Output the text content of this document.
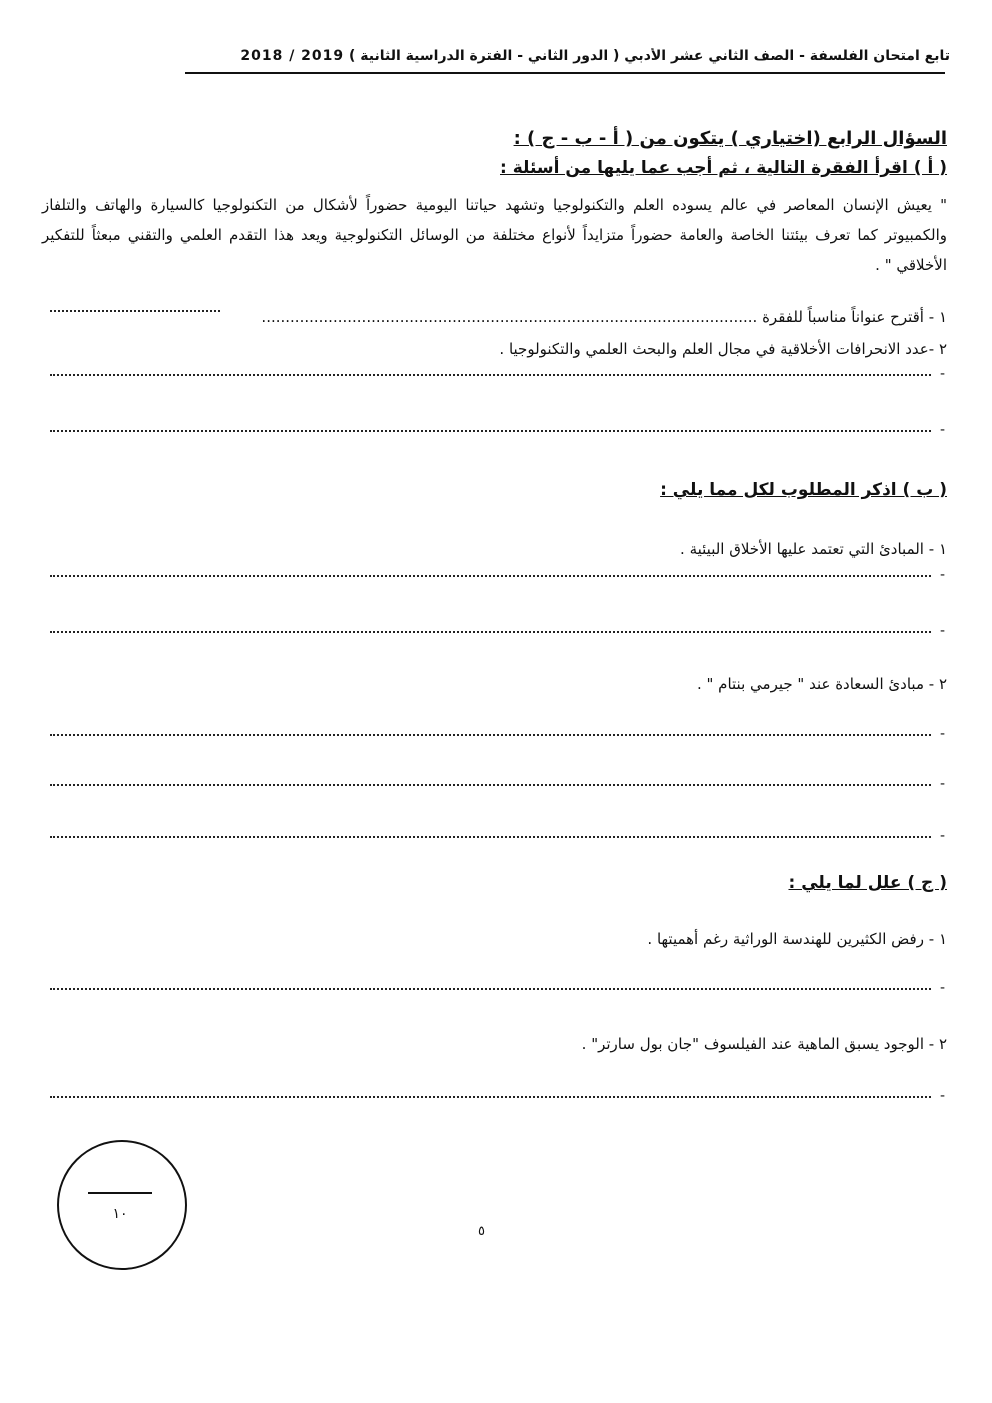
تابع امتحان الفلسفة - الصف الثاني عشر الأدبي ( الدور الثاني - الفترة الدراسية الثانية ) 2018 / 2019
السؤال الرابع (اختياري ) يتكون من ( أ - ب - ج ) :
( أ ) اقرأ الفقرة التالية ، ثم أجب عما يليها من أسئلة :
" يعيش الإنسان المعاصر في عالم يسوده العلم والتكنولوجيا وتشهد حياتنا اليومية حضوراً لأشكال من التكنولوجيا كالسيارة والهاتف والتلفاز والكمبيوتر كما تعرف بيئتنا الخاصة والعامة حضوراً متزايداً لأنواع مختلفة من الوسائل التكنولوجية ويعد هذا التقدم العلمي والتقني مبعثاً للتفكير الأخلاقي " .
١ - أقترح عنواناً مناسباً للفقرة ........................................................................................................
٢ -عدد الانحرافات الأخلاقية في مجال العلم والبحث العلمي والتكنولوجيا .
-
-
( ب ) اذكر المطلوب لكل مما يلي :
١ - المبادئ التي تعتمد عليها الأخلاق البيئية .
-
-
٢ - مبادئ السعادة عند " جيرمي بنتام " .
-
-
-
( ج ) علل لما يلي :
١ - رفض الكثيرين للهندسة الوراثية رغم أهميتها .
-
٢ - الوجود يسبق الماهية عند الفيلسوف "جان بول سارتر" .
-
١٠
٥
